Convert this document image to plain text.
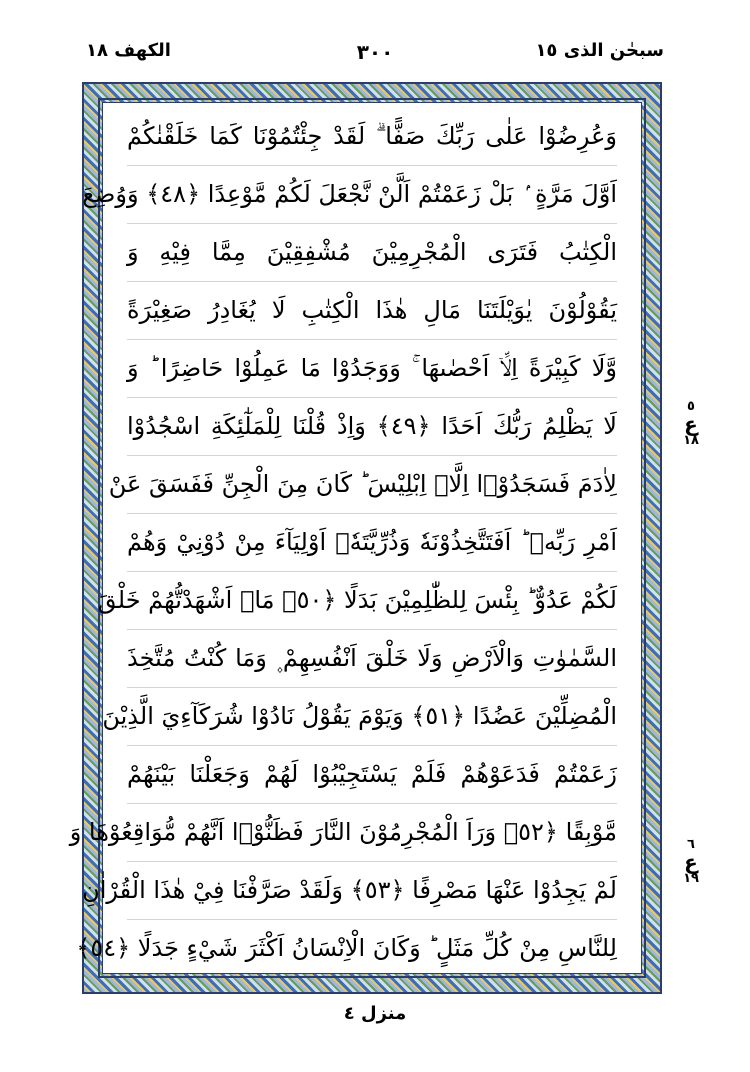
سبحٰن الذی ١٥
٣٠٠
الکھف ١٨
وَعُرِضُوْا عَلٰى رَبِّكَ صَفًّا ۗ لَقَدْ جِئْتُمُوْنَا كَمَا خَلَقْنٰكُمْ
اَوَّلَ مَرَّةٍ ۢ بَلْ زَعَمْتُمْ اَلَّنْ نَّجْعَلَ لَكُمْ مَّوْعِدًا ﴿٤٨﴾ وَوُضِعَ
الْكِتٰبُ فَتَرَى الْمُجْرِمِيْنَ مُشْفِقِيْنَ مِمَّا فِيْهِ وَ
يَقُوْلُوْنَ يٰوَيْلَتَنَا مَالِ هٰذَا الْكِتٰبِ لَا يُغَادِرُ صَغِيْرَةً
وَّلَا كَبِيْرَةً اِلَّاۤ اَحْصٰىهَا ۚ وَوَجَدُوْا مَا عَمِلُوْا حَاضِرًا ؕ وَ
لَا يَظْلِمُ رَبُّكَ اَحَدًا ﴿٤٩﴾ وَاِذْ قُلْنَا لِلْمَلٰٓئِكَةِ اسْجُدُوْا
لِاٰدَمَ فَسَجَدُوْۤا اِلَّاۤ اِبْلِيْسَ ؕ كَانَ مِنَ الْجِنِّ فَفَسَقَ عَنْ
اَمْرِ رَبِّهٖ ؕ اَفَتَتَّخِذُوْنَهٗ وَذُرِّيَّتَهٗۤ اَوْلِيَآءَ مِنْ دُوْنِيْ وَهُمْ
لَكُمْ عَدُوٌّ ؕ بِئْسَ لِلظّٰلِمِيْنَ بَدَلًا ﴿٥٠﴾ مَاۤ اَشْهَدْتُّهُمْ خَلْقَ
السَّمٰوٰتِ وَالْاَرْضِ وَلَا خَلْقَ اَنْفُسِهِمْ ۪ وَمَا كُنْتُ مُتَّخِذَ
الْمُضِلِّيْنَ عَضُدًا ﴿٥١﴾ وَيَوْمَ يَقُوْلُ نَادُوْا شُرَكَآءِيَ الَّذِيْنَ
زَعَمْتُمْ فَدَعَوْهُمْ فَلَمْ يَسْتَجِيْبُوْا لَهُمْ وَجَعَلْنَا بَيْنَهُمْ
مَّوْبِقًا ﴿٥٢﴾ وَرَاَ الْمُجْرِمُوْنَ النَّارَ فَظَنُّوْۤا اَنَّهُمْ مُّوَاقِعُوْهَا وَ
لَمْ يَجِدُوْا عَنْهَا مَصْرِفًا ﴿٥٣﴾ وَلَقَدْ صَرَّفْنَا فِيْ هٰذَا الْقُرْاٰنِ
لِلنَّاسِ مِنْ كُلِّ مَثَلٍ ؕ وَكَانَ الْاِنْسَانُ اَكْثَرَ شَيْءٍ جَدَلًا ﴿٥٤﴾
٥
ع
١٨
٦
ع
١٩
منزل ٤
